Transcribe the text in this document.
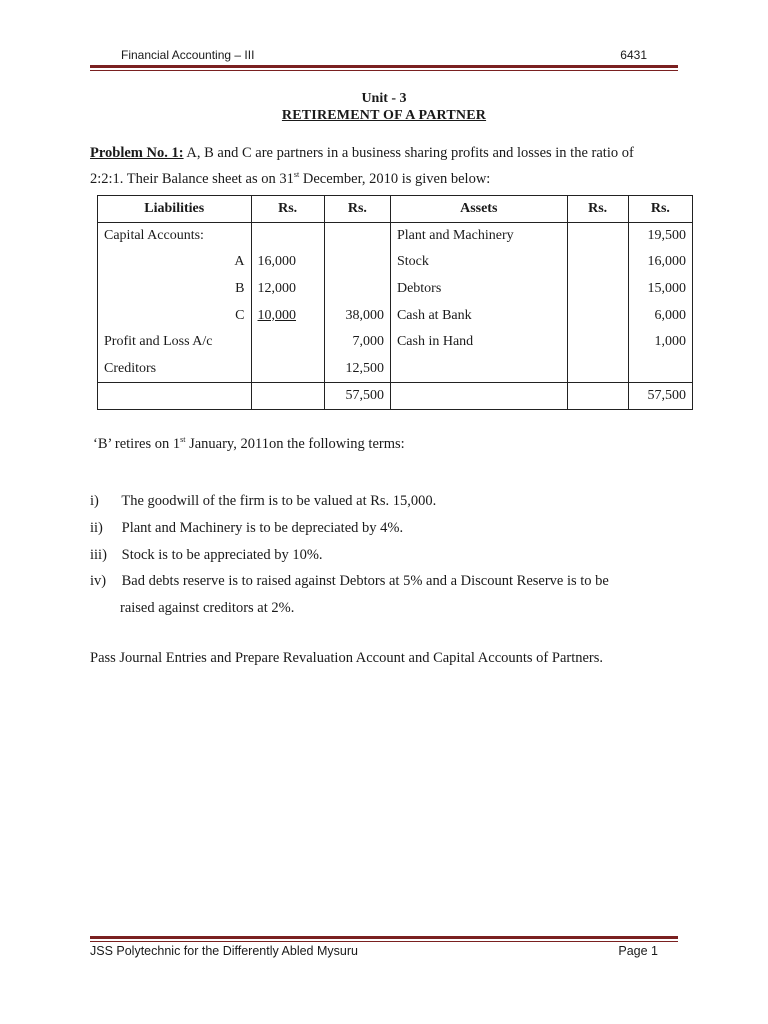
Financial Accounting – III	6431
Unit - 3
RETIREMENT OF A PARTNER
Problem No. 1: A, B and C are partners in a business sharing profits and losses in the ratio of
2:2:1. Their Balance sheet as on 31st December, 2010 is given below:
Liabilities	Rs.	Rs.	Assets	Rs.	Rs.
Capital Accounts:			Plant and Machinery		19,500
A	16,000		Stock		16,000
B	12,000		Debtors		15,000
C	10,000	38,000	Cash at Bank		6,000
Profit and Loss A/c		7,000	Cash in Hand		1,000
Creditors		12,500			
		57,500			57,500
‘B’ retires on 1st January, 2011on the following terms:
i) The goodwill of the firm is to be valued at Rs. 15,000.
ii) Plant and Machinery is to be depreciated by 4%.
iii) Stock is to be appreciated by 10%.
iv) Bad debts reserve is to raised against Debtors at 5% and a Discount Reserve is to be
raised against creditors at 2%.
Pass Journal Entries and Prepare Revaluation Account and Capital Accounts of Partners.
JSS Polytechnic for the Differently Abled Mysuru	Page 1
